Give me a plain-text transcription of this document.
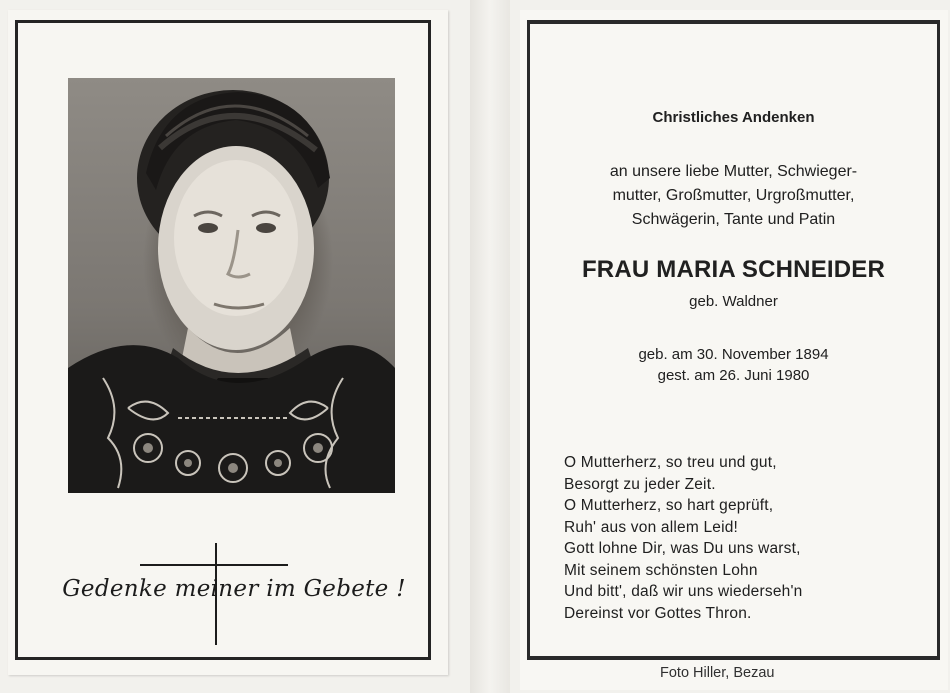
Gedenke meiner im Gebete !
Christliches Andenken
an unsere liebe Mutter, Schwieger-
mutter, Großmutter, Urgroßmutter,
Schwägerin, Tante und Patin
FRAU MARIA SCHNEIDER
geb. Waldner
geb. am 30. November 1894
gest. am 26. Juni 1980
O Mutterherz, so treu und gut,
Besorgt zu jeder Zeit.
O Mutterherz, so hart geprüft,
Ruh' aus von allem Leid!
Gott lohne Dir, was Du uns warst,
Mit seinem schönsten Lohn
Und bitt', daß wir uns wiederseh'n
Dereinst vor Gottes Thron.
Foto Hiller, Bezau
